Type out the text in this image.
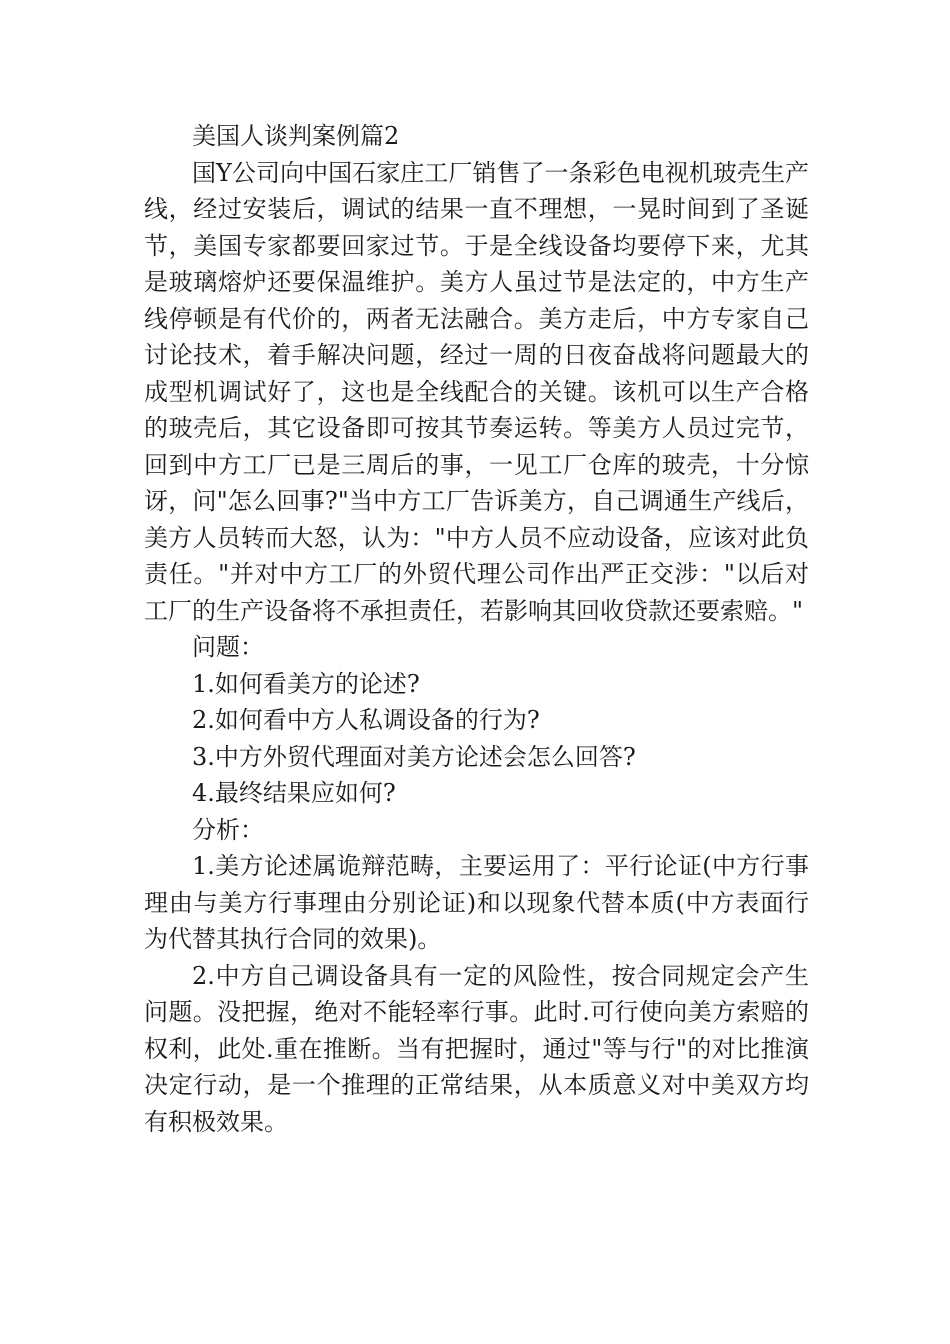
美国人谈判案例篇2

国Y公司向中国石家庄工厂销售了一条彩色电视机玻壳生产线，经过安装后，调试的结果一直不理想，一晃时间到了圣诞节，美国专家都要回家过节。于是全线设备均要停下来，尤其是玻璃熔炉还要保温维护。美方人虽过节是法定的，中方生产线停顿是有代价的，两者无法融合。美方走后，中方专家自己讨论技术，着手解决问题，经过一周的日夜奋战将问题最大的成型机调试好了，这也是全线配合的关键。该机可以生产合格的玻壳后，其它设备即可按其节奏运转。等美方人员过完节，回到中方工厂已是三周后的事，一见工厂仓库的玻壳，十分惊讶，问"怎么回事?"当中方工厂告诉美方，自己调通生产线后，美方人员转而大怒，认为："中方人员不应动设备，应该对此负责任。"并对中方工厂的外贸代理公司作出严正交涉："以后对工厂的生产设备将不承担责任，若影响其回收贷款还要索赔。"

问题：

1.如何看美方的论述?

2.如何看中方人私调设备的行为?

3.中方外贸代理面对美方论述会怎么回答?

4.最终结果应如何?

分析：

1.美方论述属诡辩范畴，主要运用了：平行论证(中方行事理由与美方行事理由分别论证)和以现象代替本质(中方表面行为代替其执行合同的效果)。

2.中方自己调设备具有一定的风险性，按合同规定会产生问题。没把握，绝对不能轻率行事。此时.可行使向美方索赔的权利，此处.重在推断。当有把握时，通过"等与行"的对比推演决定行动，是一个推理的正常结果，从本质意义对中美双方均有积极效果。
